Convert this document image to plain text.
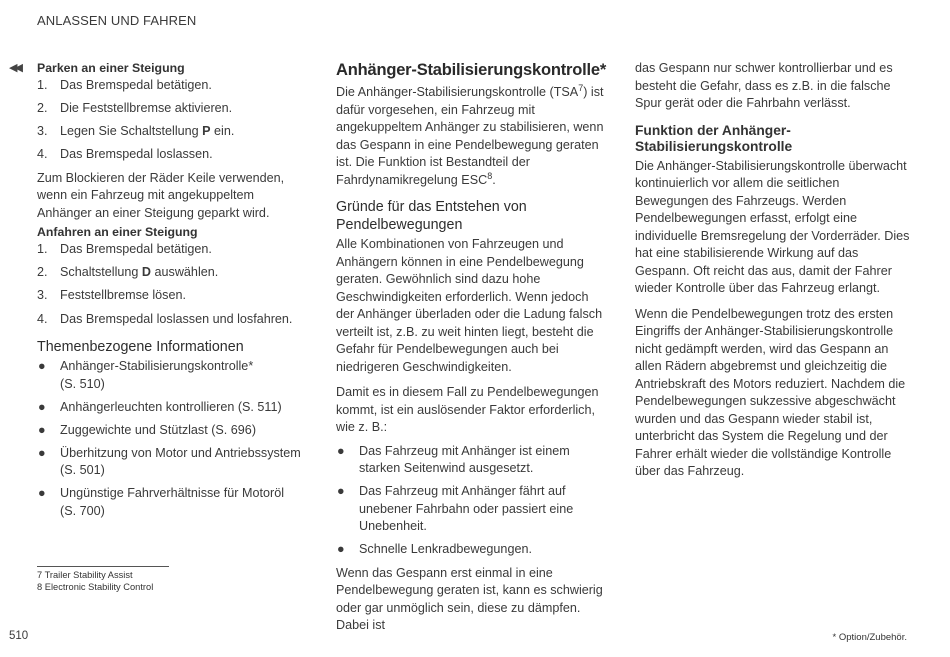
ANLASSEN UND FAHREN
◀◀ Parken an einer Steigung
1. Das Bremspedal betätigen.
2. Die Feststellbremse aktivieren.
3. Legen Sie Schaltstellung P ein.
4. Das Bremspedal loslassen.

Zum Blockieren der Räder Keile verwenden, wenn ein Fahrzeug mit angekuppeltem Anhänger an einer Steigung geparkt wird.

Anfahren an einer Steigung
1. Das Bremspedal betätigen.
2. Schaltstellung D auswählen.
3. Feststellbremse lösen.
4. Das Bremspedal loslassen und losfahren.
Themenbezogene Informationen
● Anhänger-Stabilisierungskontrolle*
(S. 510)
● Anhängerleuchten kontrollieren (S. 511)
● Zuggewichte und Stützlast (S. 696)
● Überhitzung von Motor und Antriebssystem
(S. 501)
● Ungünstige Fahrverhältnisse für Motoröl
(S. 700)
Anhänger-Stabilisierungskontrolle*

Die Anhänger-Stabilisierungskontrolle (TSA$^7$) ist dafür vorgesehen, ein Fahrzeug mit angekuppeltem Anhänger zu stabilisieren, wenn das Gespann in eine Pendelbewegung geraten ist. Die Funktion ist Bestandteil der Fahrdynamikregelung ESC$^8$.

Gründe für das Entstehen von Pendelbewegungen

Alle Kombinationen von Fahrzeugen und Anhängern können in eine Pendelbewegung geraten. Gewöhnlich sind dazu hohe Geschwindigkeiten erforderlich. Wenn jedoch der Anhänger überladen oder die Ladung falsch verteilt ist, z.B. zu weit hinten liegt, besteht die Gefahr für Pendelbewegungen auch bei niedrigeren Geschwindigkeiten.

Damit es in diesem Fall zu Pendelbewegungen kommt, ist ein auslösender Faktor erforderlich, wie z. B.:

● Das Fahrzeug mit Anhänger ist einem starken Seitenwind ausgesetzt.
● Das Fahrzeug mit Anhänger fährt auf unebener Fahrbahn oder passiert eine Unebenheit.
● Schnelle Lenkradbewegungen.

Wenn das Gespann erst einmal in eine Pendelbewegung geraten ist, kann es schwierig oder gar unmöglich sein, diese zu dämpfen. Dabei ist

das Gespann nur schwer kontrollierbar und es besteht die Gefahr, dass es z.B. in die falsche Spur gerät oder die Fahrbahn verlässt.

Funktion der Anhänger-Stabilisierungskontrolle

Die Anhänger-Stabilisierungskontrolle überwacht kontinuierlich vor allem die seitlichen Bewegungen des Fahrzeugs. Werden Pendelbewegungen erfasst, erfolgt eine individuelle Bremsregelung der Vorderräder. Dies hat eine stabilisierende Wirkung auf das Gespann. Oft reicht das aus, damit der Fahrer wieder Kontrolle über das Fahrzeug erlangt.

Wenn die Pendelbewegungen trotz des ersten Eingriffs der Anhänger-Stabilisierungskontrolle nicht gedämpft werden, wird das Gespann an allen Rädern abgebremst und gleichzeitig die Antriebskraft des Motors reduziert. Nachdem die Pendelbewegungen sukzessive abgeschwächt wurden und das Gespann wieder stabil ist, unterbricht das System die Regelung und der Fahrer erhält wieder die vollständige Kontrolle über das Fahrzeug.

7 Trailer Stability Assist
8 Electronic Stability Control
510	* Option/Zubehör.
